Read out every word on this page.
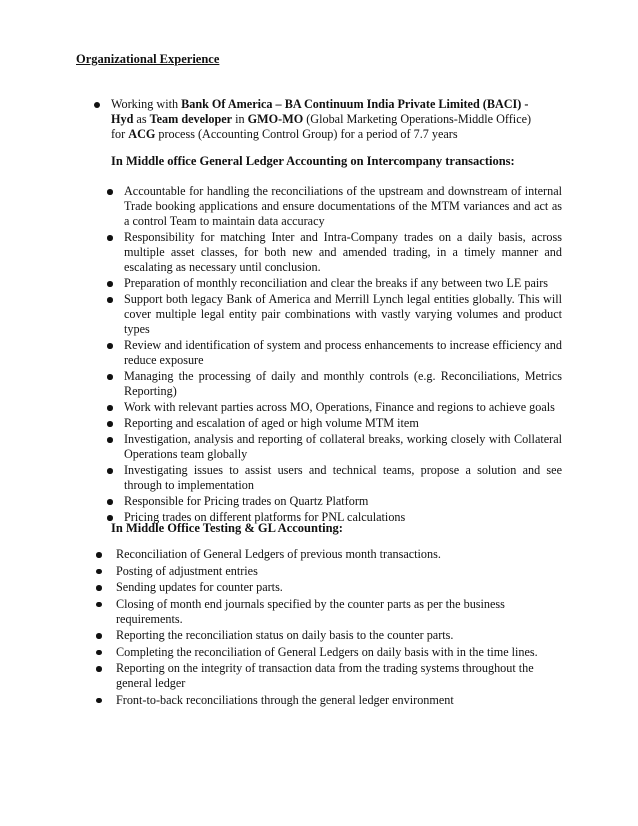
Organizational Experience
Working with Bank Of America – BA Continuum India Private Limited (BACI) -
Hyd as Team developer in GMO-MO (Global Marketing Operations-Middle Office)
for ACG process (Accounting Control Group) for a period of 7.7 years
In Middle office General Ledger Accounting on Intercompany transactions:
Accountable for handling the reconciliations of the upstream and downstream of internal Trade booking applications and ensure documentations of the MTM variances and act as a control Team to maintain data accuracy
Responsibility for matching Inter and Intra-Company trades on a daily basis, across multiple asset classes, for both new and amended trading, in a timely manner and escalating as necessary until conclusion.
Preparation of monthly reconciliation and clear the breaks if any between two LE pairs
Support both legacy Bank of America and Merrill Lynch legal entities globally. This will cover multiple legal entity pair combinations with vastly varying volumes and product types
Review and identification of system and process enhancements to increase efficiency and reduce exposure
Managing the processing of daily and monthly controls (e.g. Reconciliations, Metrics Reporting)
Work with relevant parties across MO, Operations, Finance and regions to achieve goals
Reporting and escalation of aged or high volume MTM item
Investigation, analysis and reporting of collateral breaks, working closely with Collateral Operations team globally
Investigating issues to assist users and technical teams, propose a solution and see through to implementation
Responsible for Pricing trades on Quartz Platform
Pricing trades on different platforms for PNL calculations
In Middle Office Testing & GL Accounting:
Reconciliation of General Ledgers of previous month transactions.
Posting of adjustment entries
Sending updates for counter parts.
Closing of month end journals specified by the counter parts as per the business requirements.
Reporting the reconciliation status on daily basis to the counter parts.
Completing the reconciliation of General Ledgers on daily basis with in the time lines.
Reporting on the integrity of transaction data from the trading systems throughout the general ledger
Front-to-back reconciliations through the general ledger environment
